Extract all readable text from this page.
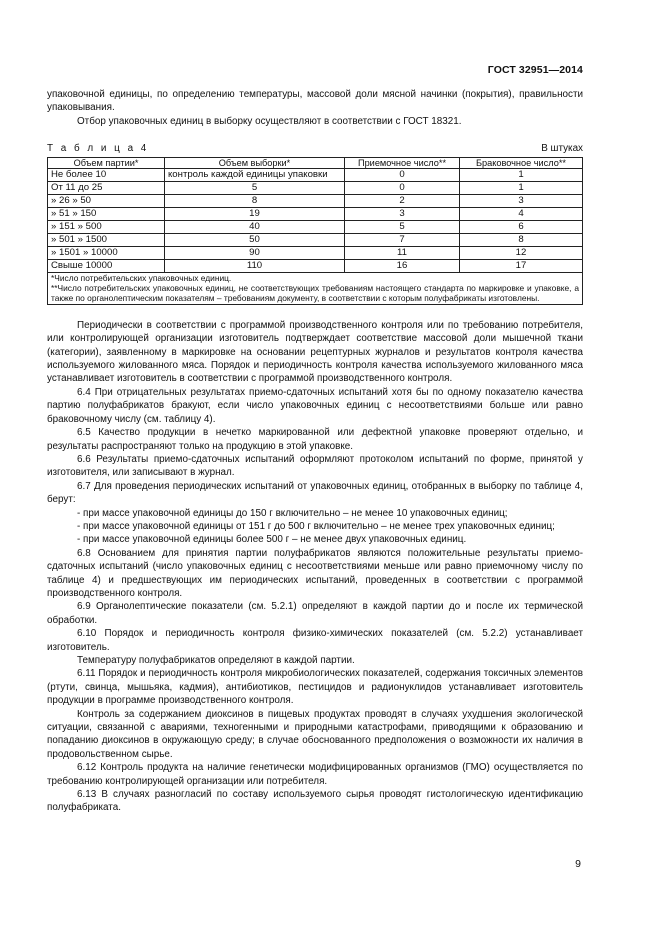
ГОСТ 32951—2014

упаковочной единицы, по определению температуры, массовой доли мясной начинки (покрытия), правильности упаковывания.

Отбор упаковочных единиц в выборку осуществляют в соответствии с ГОСТ 18321.

Т а б л и ц а 4	В штуках
Объем партии*	Объем выборки*	Приемочное число**	Браковочное число**
Не более 10	контроль каждой единицы упаковки	0	1
От 11 до 25	5	0	1
» 26 » 50	8	2	3
» 51 » 150	19	3	4
» 151 » 500	40	5	6
» 501 » 1500	50	7	8
» 1501 » 10000	90	11	12
Свыше 10000	110	16	17

*Число потребительских упаковочных единиц.
**Число потребительских упаковочных единиц, не соответствующих требованиям настоящего стандарта по маркировке и упаковке, а также по органолептическим показателям – требованиям документу, в соответствии с которым полуфабрикаты изготовлены.			

Периодически в соответствии с программой производственного контроля или по требованию потребителя, или контролирующей организации изготовитель подтверждает соответствие массовой доли мышечной ткани (категории), заявленному в маркировке на основании рецептурных журналов и результатов контроля качества используемого жилованного мяса. Порядок и периодичность контроля качества используемого жилованного мяса устанавливает изготовитель в соответствии с программой производственного контроля.

6.4 При отрицательных результатах приемо-сдаточных испытаний хотя бы по одному показателю качества партию полуфабрикатов бракуют, если число упаковочных единиц с несоответствиями больше или равно браковочному числу (см. таблицу 4).

6.5 Качество продукции в нечетко маркированной или дефектной упаковке проверяют отдельно, и результаты распространяют только на продукцию в этой упаковке.

6.6 Результаты приемо-сдаточных испытаний оформляют протоколом испытаний по форме, принятой у изготовителя, или записывают в журнал.

6.7 Для проведения периодических испытаний от упаковочных единиц, отобранных в выборку по таблице 4, берут:

- при массе упаковочной единицы до 150 г включительно – не менее 10 упаковочных единиц;

- при массе упаковочной единицы от 151 г до 500 г включительно – не менее трех упаковочных единиц;

- при массе упаковочной единицы более 500 г – не менее двух упаковочных единиц.

6.8 Основанием для принятия партии полуфабрикатов являются положительные результаты приемо-сдаточных испытаний (число упаковочных единиц с несоответствиями меньше или равно приемочному числу по таблице 4) и предшествующих им периодических испытаний, проведенных в соответствии с программой производственного контроля.

6.9 Органолептические показатели (см. 5.2.1) определяют в каждой партии до и после их термической обработки.

6.10 Порядок и периодичность контроля физико-химических показателей (см. 5.2.2) устанавливает изготовитель.

Температуру полуфабрикатов определяют в каждой партии.

6.11 Порядок и периодичность контроля микробиологических показателей, содержания токсичных элементов (ртути, свинца, мышьяка, кадмия), антибиотиков, пестицидов и радионуклидов устанавливает изготовитель продукции в программе производственного контроля.

Контроль за содержанием диоксинов в пищевых продуктах проводят в случаях ухудшения экологической ситуации, связанной с авариями, техногенными и природными катастрофами, приводящими к образованию и попаданию диоксинов в окружающую среду; в случае обоснованного предположения о возможности их наличия в продовольственном сырье.

6.12 Контроль продукта на наличие генетически модифицированных организмов (ГМО) осуществляется по требованию контролирующей организации или потребителя.

6.13 В случаях разногласий по составу используемого сырья проводят гистологическую идентификацию полуфабриката.

9
